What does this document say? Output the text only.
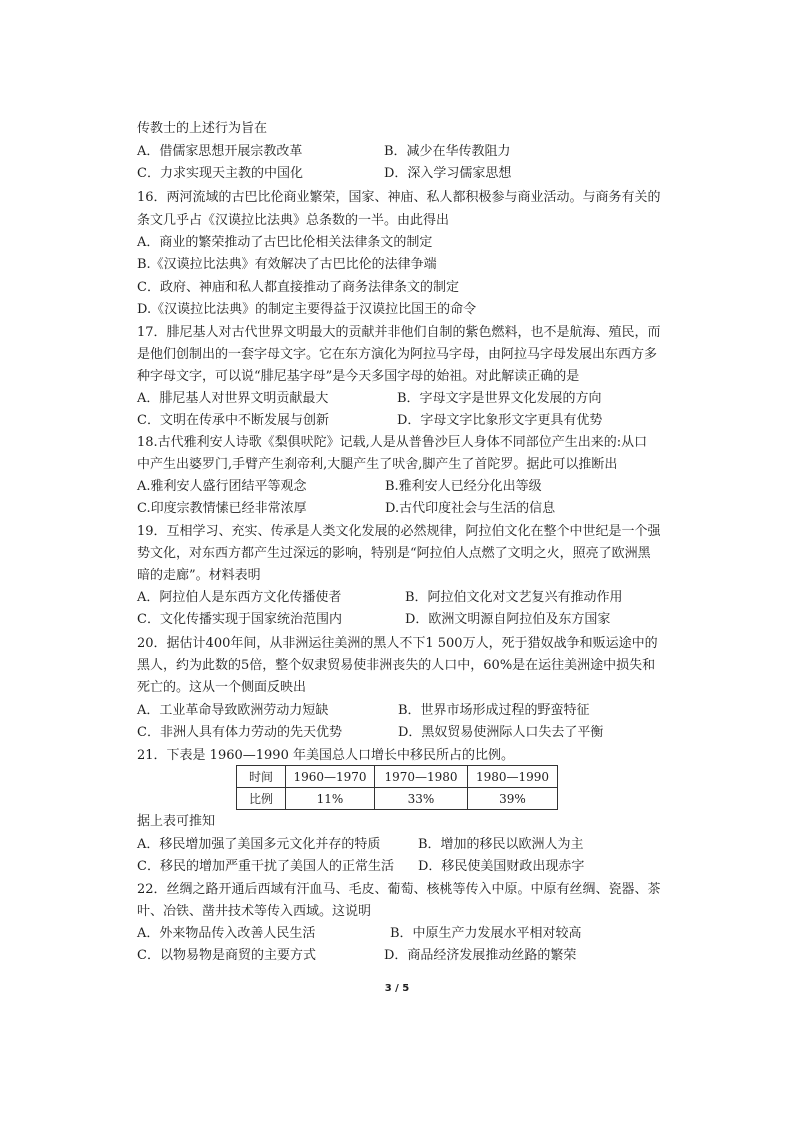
传教士的上述行为旨在
A．借儒家思想开展宗教改革	B．减少在华传教阻力
C．力求实现天主教的中国化	D．深入学习儒家思想
16．两河流域的古巴比伦商业繁荣，国家、神庙、私人都积极参与商业活动。与商务有关的
条文几乎占《汉谟拉比法典》总条数的一半。由此得出
A．商业的繁荣推动了古巴比伦相关法律条文的制定
B.《汉谟拉比法典》有效解决了古巴比伦的法律争端
C．政府、神庙和私人都直接推动了商务法律条文的制定
D.《汉谟拉比法典》的制定主要得益于汉谟拉比国王的命令
17．腓尼基人对古代世界文明最大的贡献并非他们自制的紫色燃料，也不是航海、殖民，而
是他们创制出的一套字母文字。它在东方演化为阿拉马字母，由阿拉马字母发展出东西方多
种字母文字，可以说“腓尼基字母”是今天多国字母的始祖。对此解读正确的是
A．腓尼基人对世界文明贡献最大	B．字母文字是世界文化发展的方向
C．文明在传承中不断发展与创新	D．字母文字比象形文字更具有优势
18.古代雅利安人诗歌《梨俱吠陀》记载,人是从普鲁沙巨人身体不同部位产生出来的:从口
中产生出婆罗门,手臂产生刹帝利,大腿产生了吠舍,脚产生了首陀罗。据此可以推断出
A.雅利安人盛行团结平等观念	B.雅利安人已经分化出等级
C.印度宗教情愫已经非常浓厚	D.古代印度社会与生活的信息
19．互相学习、充实、传承是人类文化发展的必然规律，阿拉伯文化在整个中世纪是一个强
势文化，对东西方都产生过深远的影响，特别是“阿拉伯人点燃了文明之火，照亮了欧洲黑
暗的走廊”。材料表明
A．阿拉伯人是东西方文化传播使者	B．阿拉伯文化对文艺复兴有推动作用
C．文化传播实现于国家统治范围内	D．欧洲文明源自阿拉伯及东方国家
20．据估计400年间，从非洲运往美洲的黑人不下1 500万人，死于猎奴战争和贩运途中的
黑人，约为此数的5倍，整个奴隶贸易使非洲丧失的人口中，60%是在运往美洲途中损失和
死亡的。这从一个侧面反映出
A．工业革命导致欧洲劳动力短缺	B．世界市场形成过程的野蛮特征
C．非洲人具有体力劳动的先天优势	D．黑奴贸易使洲际人口失去了平衡
21．下表是 1960—1990 年美国总人口增长中移民所占的比例。
时间	1960—1970	1970—1980	1980—1990
比例	11%	33%	39%
据上表可推知
A．移民增加强了美国多元文化并存的特质	B．增加的移民以欧洲人为主
C．移民的增加严重干扰了美国人的正常生活 D．移民使美国财政出现赤字
22．丝绸之路开通后西域有汗血马、毛皮、葡萄、核桃等传入中原。中原有丝绸、瓷器、茶
叶、冶铁、凿井技术等传入西域。这说明
A．外来物品传入改善人民生活	B．中原生产力发展水平相对较高
C．以物易物是商贸的主要方式	D．商品经济发展推动丝路的繁荣
3 / 5
